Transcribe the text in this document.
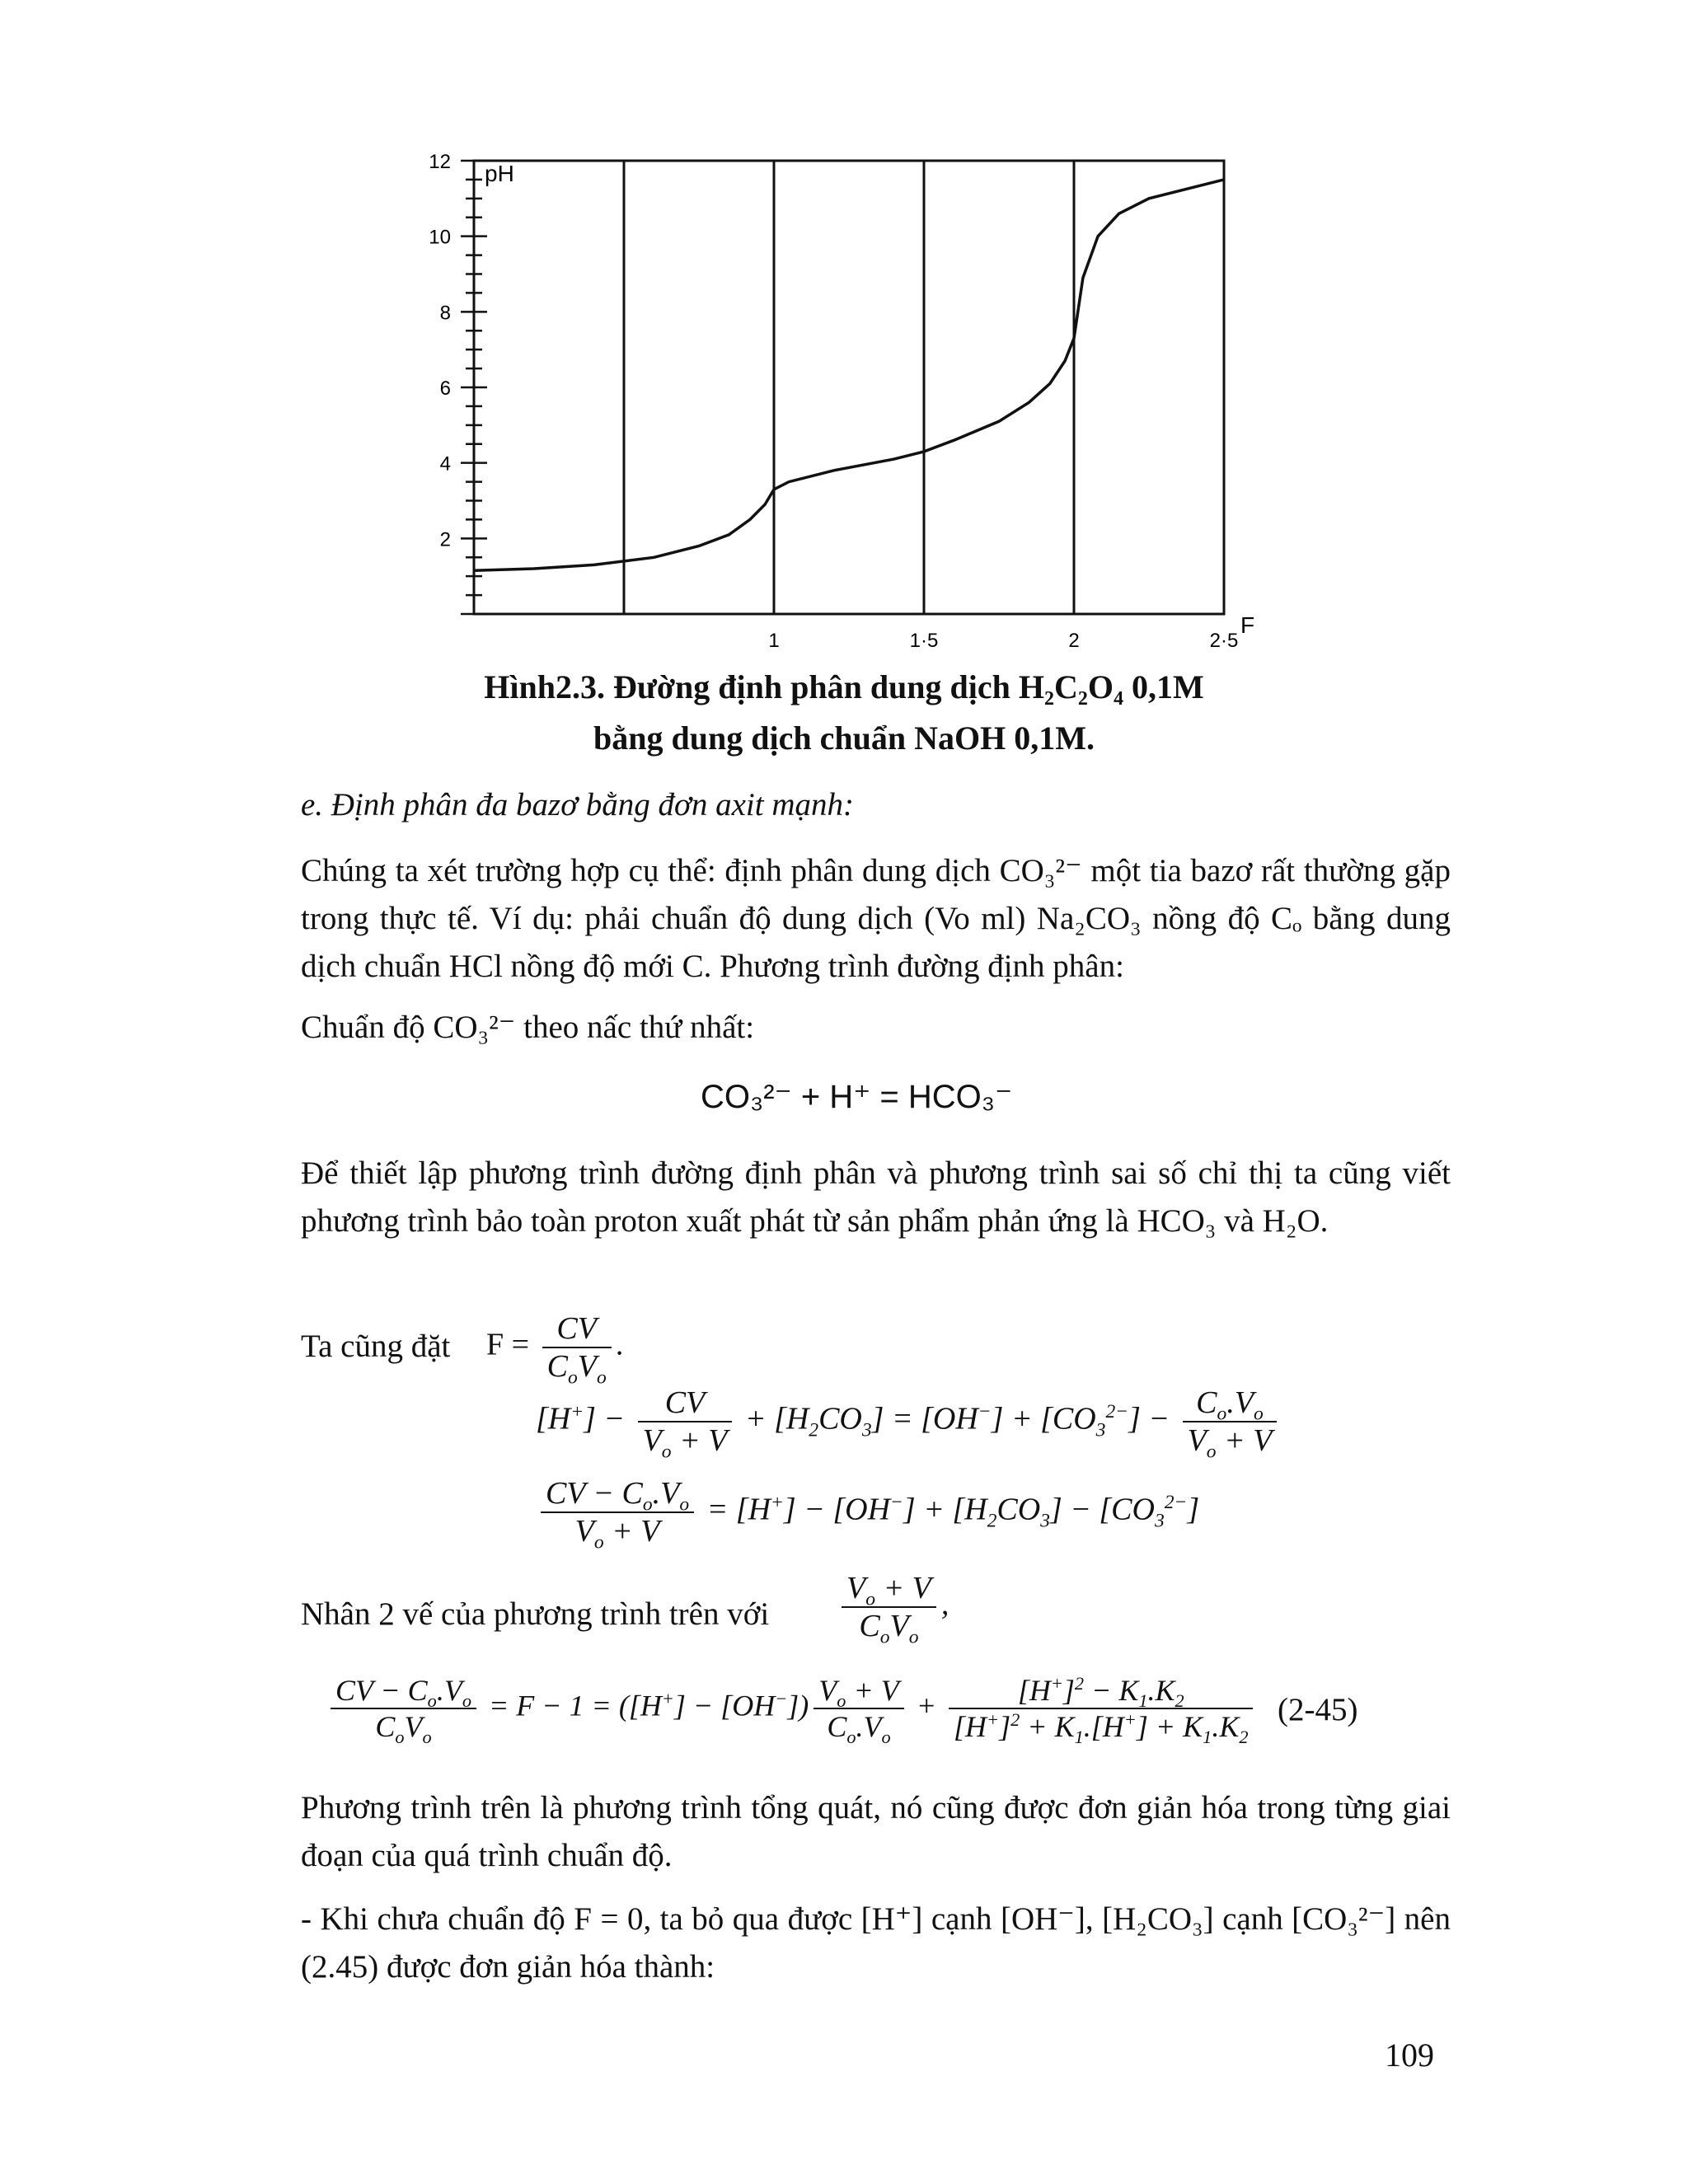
2
4
6
8
10
12
1	1·5	2	2·5
pH
F
Hình2.3. Đường định phân dung dịch H₂C₂O₄ 0,1M
bằng dung dịch chuẩn NaOH 0,1M.
e. Định phân đa bazơ bằng đơn axit mạnh:
Chúng ta xét trường hợp cụ thể: định phân dung dịch CO₃²⁻ một tia bazơ rất thường gặp trong thực tế. Ví dụ: phải chuẩn độ dung dịch (Vo ml) Na₂CO₃ nồng độ Cₒ bằng dung dịch chuẩn HCl nồng độ mới C. Phương trình đường định phân:
Chuẩn độ CO₃²⁻ theo nấc thứ nhất:
CO₃²⁻ + H⁺ = HCO₃⁻
Để thiết lập phương trình đường định phân và phương trình sai số chỉ thị ta cũng viết phương trình bảo toàn proton xuất phát từ sản phẩm phản ứng là HCO₃ và H₂O.
Ta cũng đặt $F = \frac{CV}{C_oV_o}$ .
$[H^+] - \frac{CV}{V_o + V} + [H_2CO_3] = [OH^-] + [CO_3^{2-}] - \frac{C_o.V_o}{V_o + V}$
$\frac{CV - C_o.V_o}{V_o + V} = [H^+] - [OH^-] + [H_2CO_3] - [CO_3^{2-}]$
Nhân 2 vế của phương trình trên với $\frac{V_o + V}{C_oV_o}$ ,
$\frac{CV - C_o.V_o}{C_oV_o} = F - 1 = ([H^+] - [OH^-]) \frac{V_o + V}{C_o.V_o} + \frac{[H^+]^2 - K_1.K_2}{[H^+]^2 + K_1.[H^+] + K_1.K_2} (2-45)$
Phương trình trên là phương trình tổng quát, nó cũng được đơn giản hóa trong từng giai đoạn của quá trình chuẩn độ.
- Khi chưa chuẩn độ F = 0, ta bỏ qua được [H⁺] cạnh [OH⁻], [H₂CO₃] cạnh [CO₃²⁻] nên (2.45) được đơn giản hóa thành:
109
